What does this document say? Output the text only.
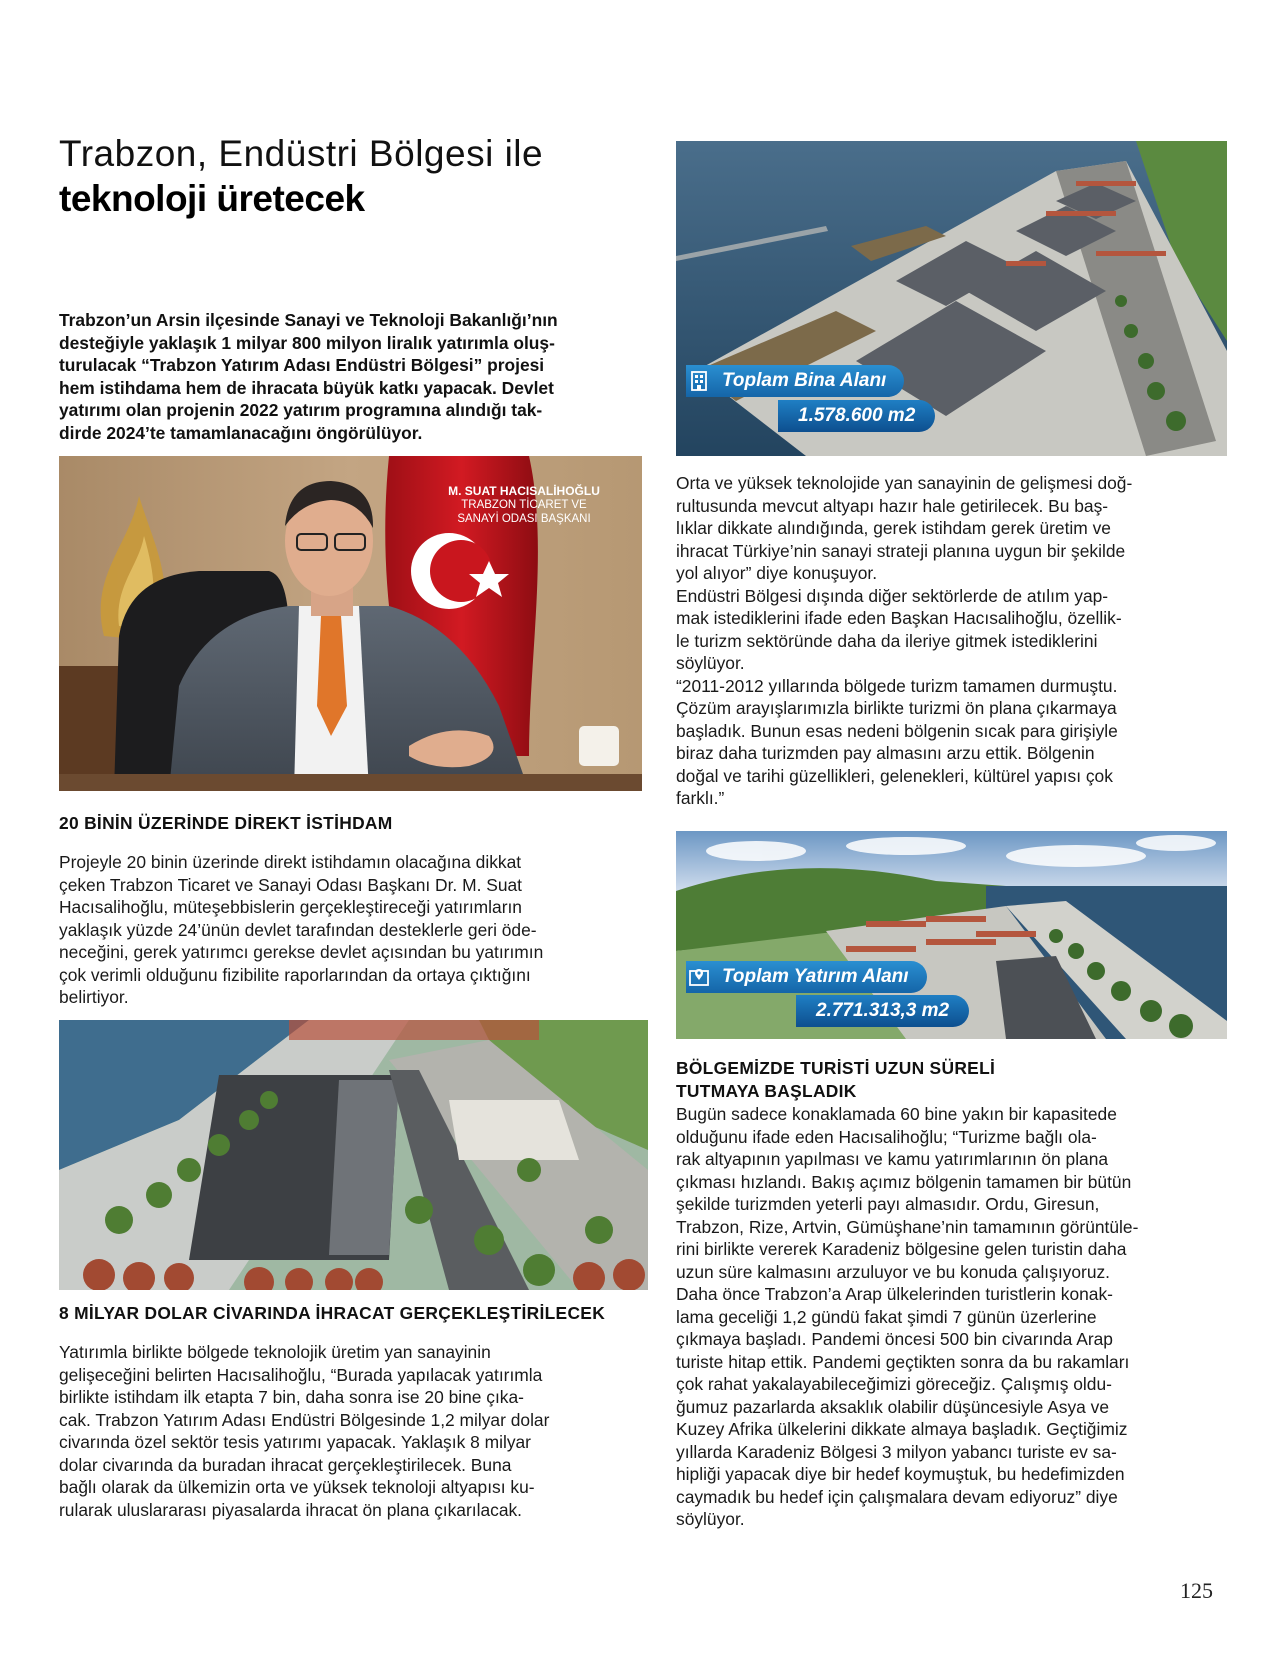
Trabzon, Endüstri Bölgesi ile
teknoloji üretecek
Trabzon’un Arsin ilçesinde Sanayi ve Teknoloji Bakanlığı’nın
desteğiyle yaklaşık 1 milyar 800 milyon liralık yatırımla oluş-
turulacak “Trabzon Yatırım Adası Endüstri Bölgesi” projesi
hem istihdama hem de ihracata büyük katkı yapacak. Devlet
yatırımı olan projenin 2022 yatırım programına alındığı tak-
dirde 2024’te tamamlanacağını öngörülüyor.
M. SUAT HACISALİHOĞLU
TRABZON TİCARET VE
SANAYİ ODASI BAŞKANI
20 BİNİN ÜZERİNDE DİREKT İSTİHDAM
Projeyle 20 binin üzerinde direkt istihdamın olacağına dikkat
çeken Trabzon Ticaret ve Sanayi Odası Başkanı Dr. M. Suat
Hacısalihoğlu, müteşebbislerin gerçekleştireceği yatırımların
yaklaşık yüzde 24’ünün devlet tarafından desteklerle geri öde-
neceğini, gerek yatırımcı gerekse devlet açısından bu yatırımın
çok verimli olduğunu fizibilite raporlarından da ortaya çıktığını
belirtiyor.
8 MİLYAR DOLAR CİVARINDA İHRACAT GERÇEKLEŞTİRİLECEK
Yatırımla birlikte bölgede teknolojik üretim yan sanayinin
gelişeceğini belirten Hacısalihoğlu, “Burada yapılacak yatırımla
birlikte istihdam ilk etapta 7 bin, daha sonra ise 20 bine çıka-
cak. Trabzon Yatırım Adası Endüstri Bölgesinde 1,2 milyar dolar
civarında özel sektör tesis yatırımı yapacak. Yaklaşık 8 milyar
dolar civarında da buradan ihracat gerçekleştirilecek. Buna
bağlı olarak da ülkemizin orta ve yüksek teknoloji altyapısı ku-
rularak uluslararası piyasalarda ihracat ön plana çıkarılacak.
Toplam Bina Alanı
1.578.600 m2
Orta ve yüksek teknolojide yan sanayinin de gelişmesi doğ-
rultusunda mevcut altyapı hazır hale getirilecek. Bu baş-
lıklar dikkate alındığında, gerek istihdam gerek üretim ve
ihracat Türkiye’nin sanayi strateji planına uygun bir şekilde
yol alıyor” diye konuşuyor.
Endüstri Bölgesi dışında diğer sektörlerde de atılım yap-
mak istediklerini ifade eden Başkan Hacısalihoğlu, özellik-
le turizm sektöründe daha da ileriye gitmek istediklerini
söylüyor.
“2011-2012 yıllarında bölgede turizm tamamen durmuştu.
Çözüm arayışlarımızla birlikte turizmi ön plana çıkarmaya
başladık. Bunun esas nedeni bölgenin sıcak para girişiyle
biraz daha turizmden pay almasını arzu ettik. Bölgenin
doğal ve tarihi güzellikleri, gelenekleri, kültürel yapısı çok
farklı.”
Toplam Yatırım Alanı
2.771.313,3 m2
BÖLGEMİZDE TURİSTİ UZUN SÜRELİ
TUTMAYA BAŞLADIK
Bugün sadece konaklamada 60 bine yakın bir kapasitede
olduğunu ifade eden Hacısalihoğlu; “Turizme bağlı ola-
rak altyapının yapılması ve kamu yatırımlarının ön plana
çıkması hızlandı. Bakış açımız bölgenin tamamen bir bütün
şekilde turizmden yeterli payı almasıdır. Ordu, Giresun,
Trabzon, Rize, Artvin, Gümüşhane’nin tamamının görüntüle-
rini birlikte vererek Karadeniz bölgesine gelen turistin daha
uzun süre kalmasını arzuluyor ve bu konuda çalışıyoruz.
Daha önce Trabzon’a Arap ülkelerinden turistlerin konak-
lama geceliği 1,2 gündü fakat şimdi 7 günün üzerlerine
çıkmaya başladı. Pandemi öncesi 500 bin civarında Arap
turiste hitap ettik. Pandemi geçtikten sonra da bu rakamları
çok rahat yakalayabileceğimizi göreceğiz. Çalışmış oldu-
ğumuz pazarlarda aksaklık olabilir düşüncesiyle Asya ve
Kuzey Afrika ülkelerini dikkate almaya başladık. Geçtiğimiz
yıllarda Karadeniz Bölgesi 3 milyon yabancı turiste ev sa-
hipliği yapacak diye bir hedef koymuştuk, bu hedefimizden
caymadık bu hedef için çalışmalara devam ediyoruz” diye
söylüyor.
125
